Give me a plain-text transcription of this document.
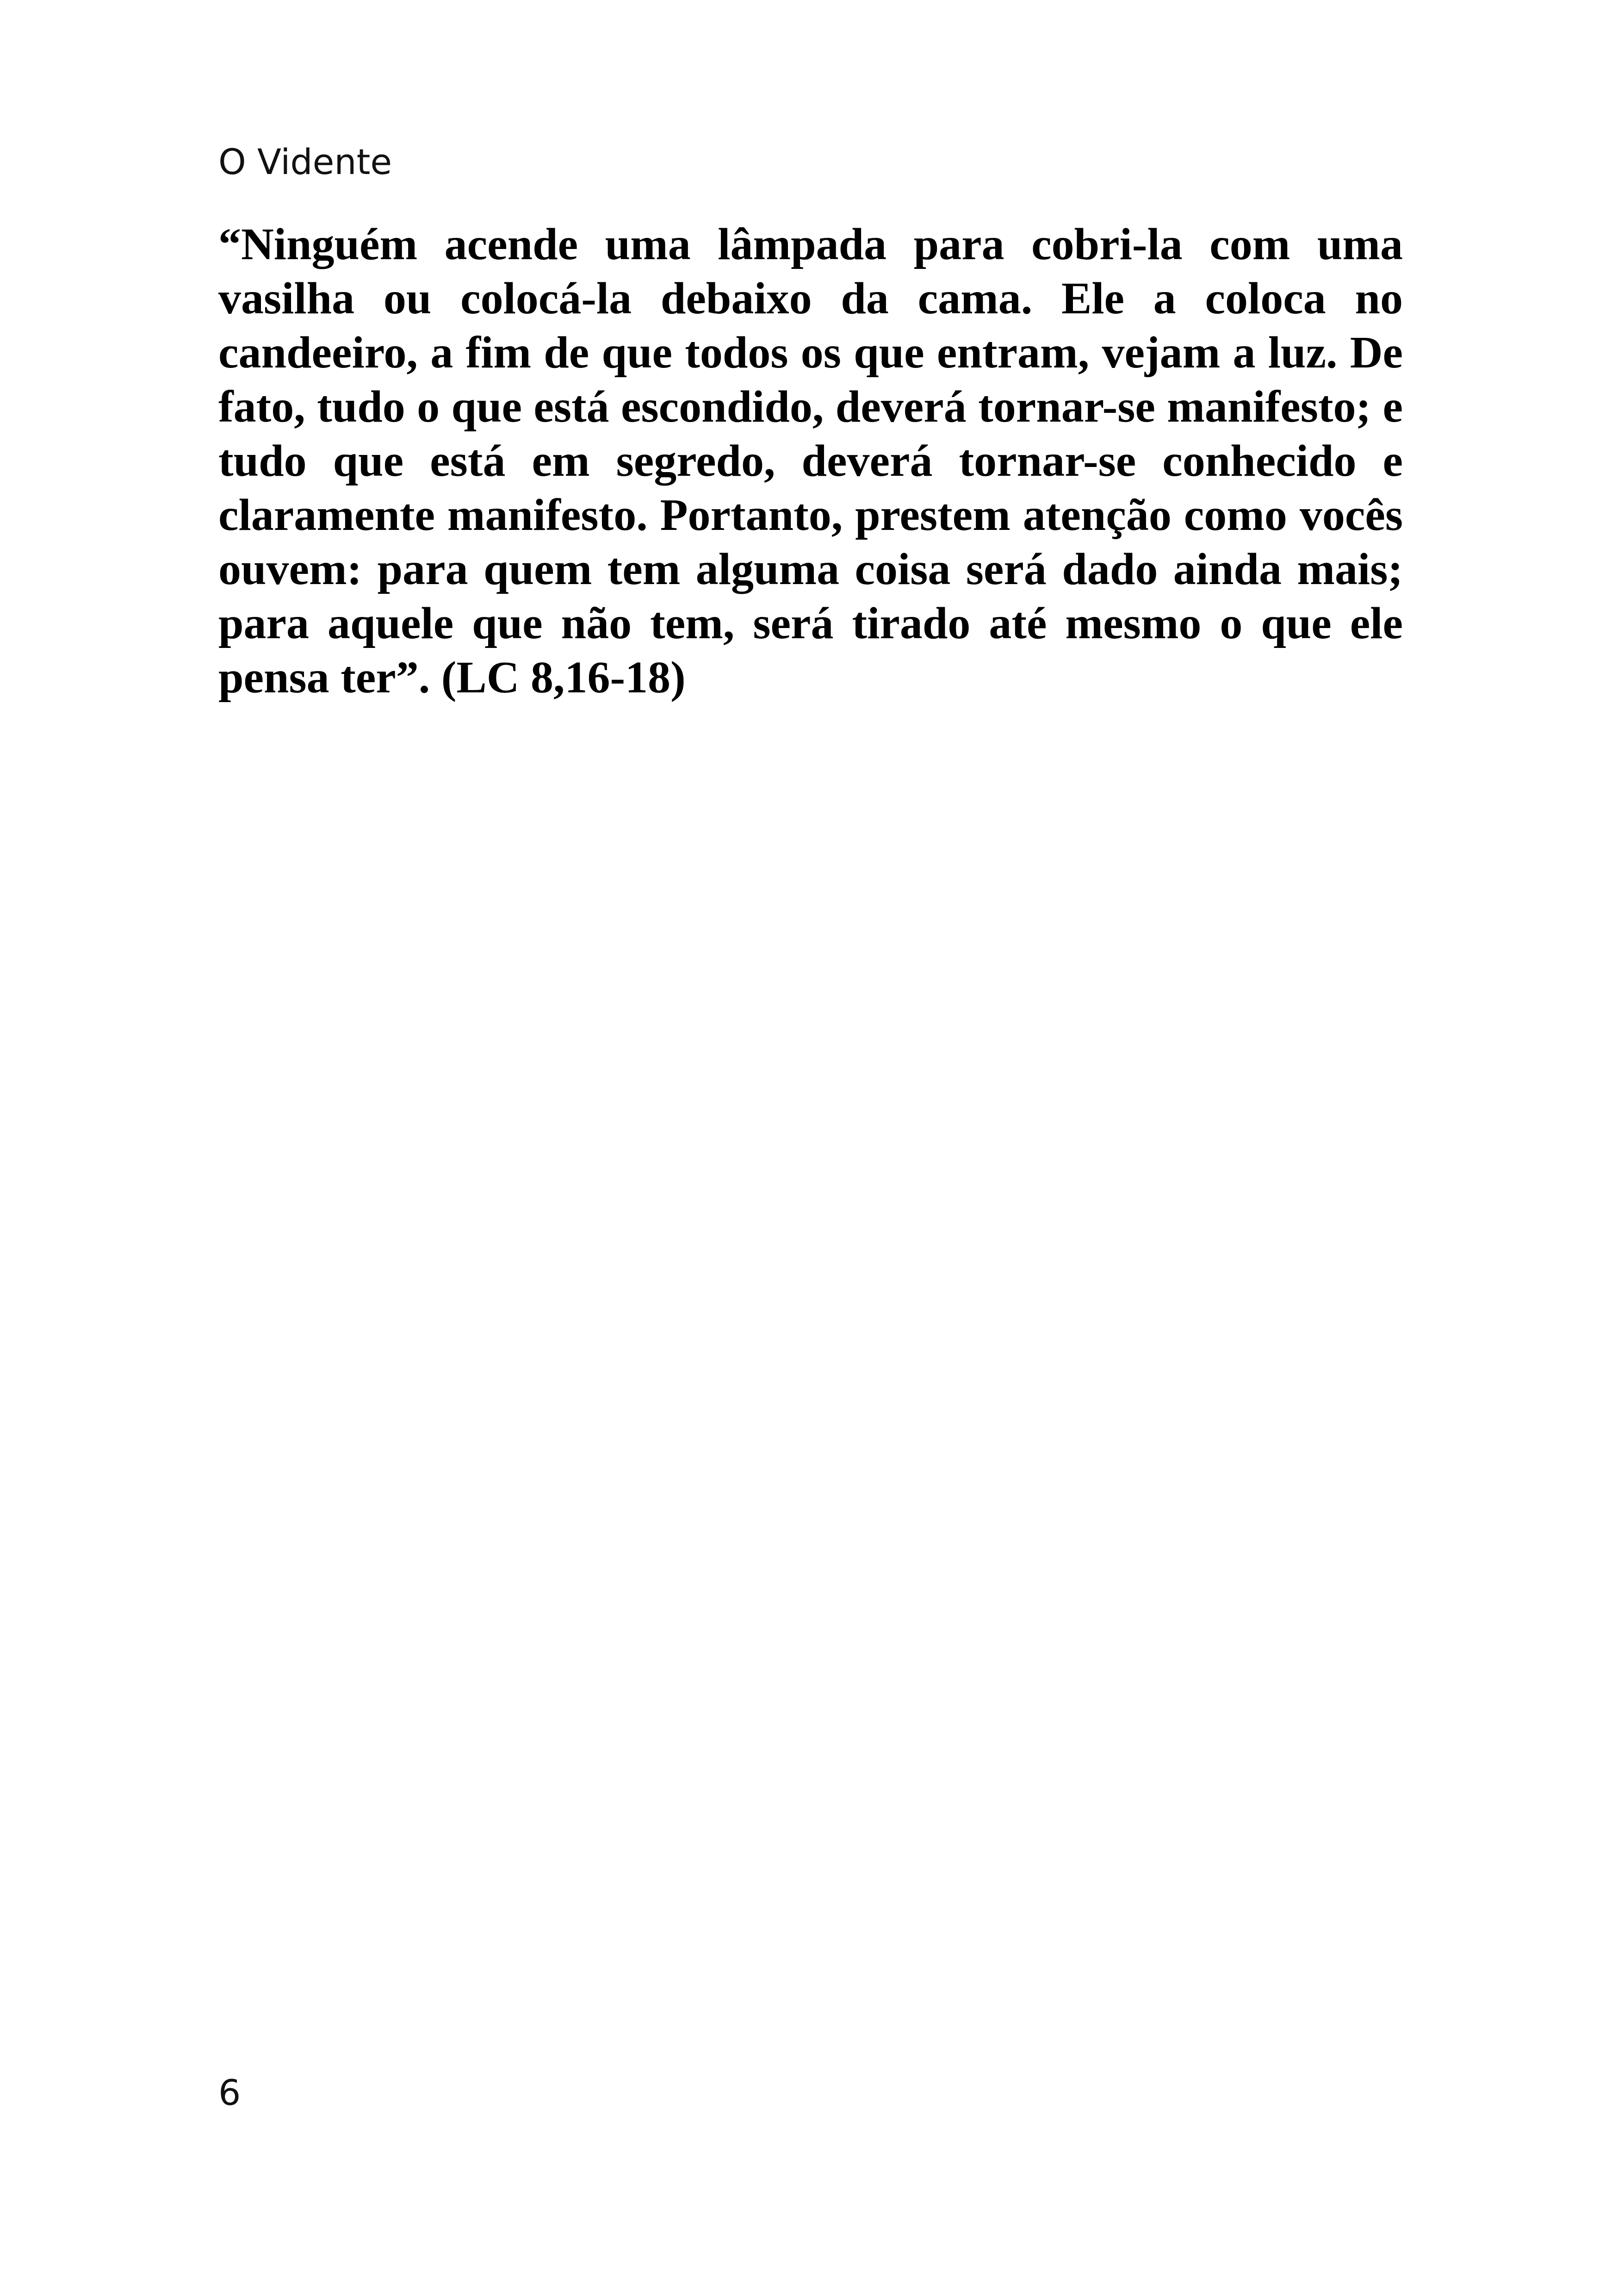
O Vidente

“Ninguém acende uma lâmpada para cobri-la com uma vasilha ou colocá-la debaixo da cama. Ele a coloca no candeeiro, a fim de que todos os que entram, vejam a luz. De fato, tudo o que está escondido, deverá tornar-se manifesto; e tudo que está em segredo, deverá tornar-se conhecido e claramente manifesto. Portanto, prestem atenção como vocês ouvem: para quem tem alguma coisa será dado ainda mais; para aquele que não tem, será tirado até mesmo o que ele pensa ter”. (LC 8,16-18)

6
